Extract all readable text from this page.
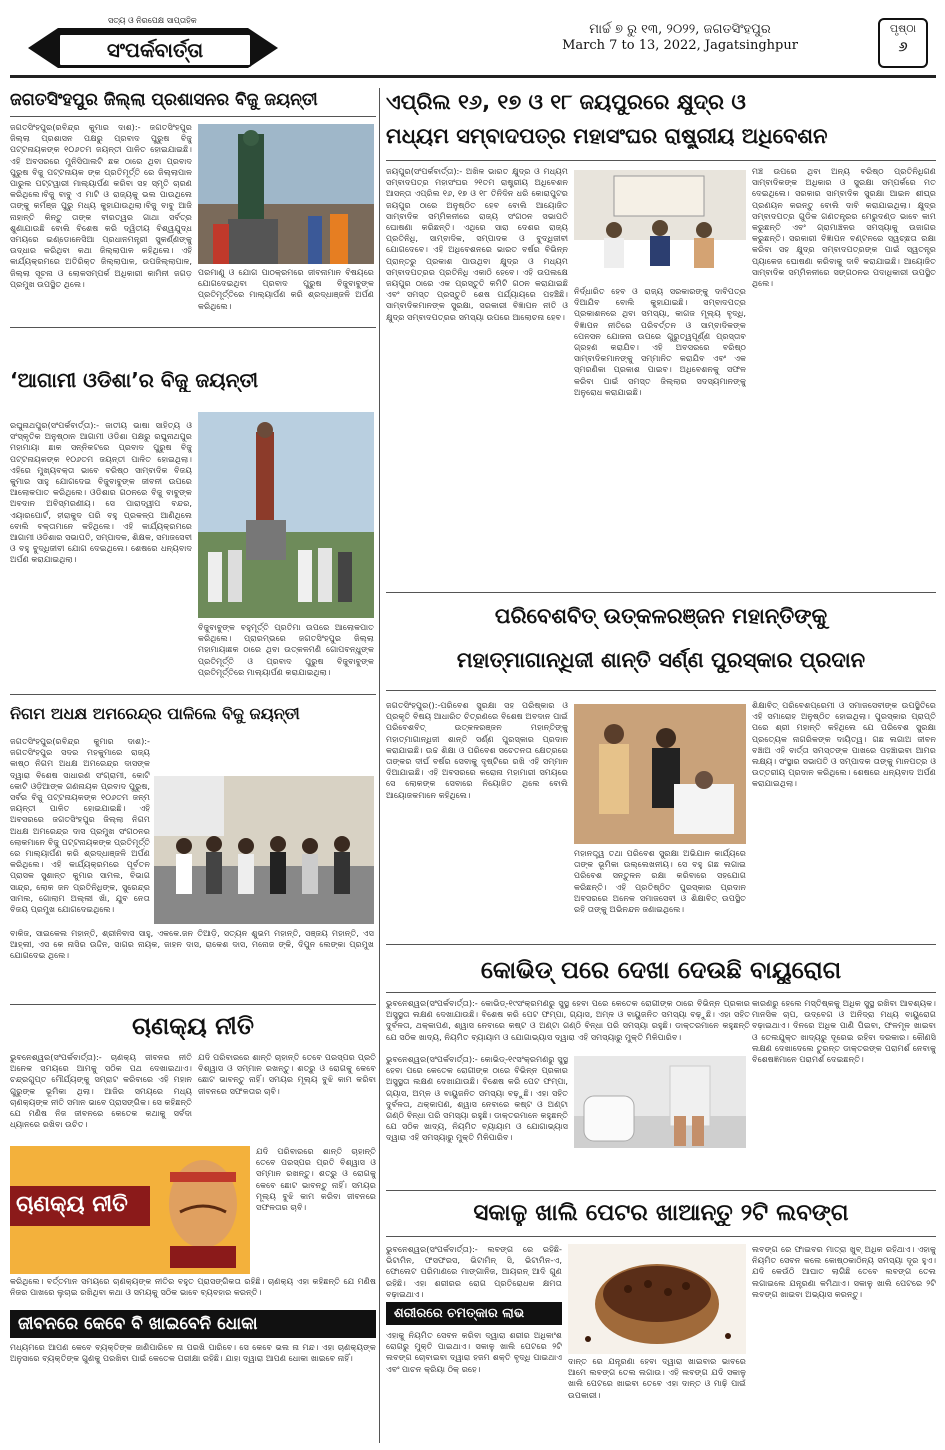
ସଂପର୍କବାର୍ତ୍ତା
ସତ୍ୟ ଓ ନିରପେକ୍ଷ ସାପ୍ତାହିକ
ମାର୍ଚ୍ଚ ୭ ରୁ ୧୩, ୨୦୨୨, ଜଗତସିଂହପୁର
March 7 to 13, 2022, Jagatsinghpur
ପୃଷ୍ଠା
୬
ଜଗତସିଂହପୁର ଜିଲ୍ଲା ପ୍ରଶାସନର ବିଜୁ ଜୟନ୍ତୀ
ଜଗତସିଂହପୁର(ରବିନ୍ଦ୍ର କୁମାର ଦାଶ):- ଜଗତସିଂହପୁର ଜିଲ୍ଲା ପ୍ରଶାସନ ପକ୍ଷରୁ ପ୍ରବାଦ ପୁରୁଷ ବିଜୁ ପଟ୍ଟନାୟକଙ୍କ ୧୦୬ତମ ଜୟନ୍ତୀ ପାଳିତ ହୋଇଯାଇଛି।ଏହି ଅବସରରେ ମୁନିସିପାଲଟି ଛକ ଠାରେ ଥିବା ପ୍ରବାଦ ପୁରୁଷ ବିଜୁ ପଟ୍ଟନାୟକ ଙ୍କ ପ୍ରତିମୂର୍ତ୍ତି ରେ ଜିଲ୍ଲାପାଳ ପାରୁଲ ପଟ୍ଟୱାରୀ ମାଲ୍ୟାର୍ପଣ କରିବା ସହ ସ୍ମୃତି ଚାରଣ କରିଥିଲେ।ବିଜୁ ବାବୁ ଏ ମାଟି ଓ ରାଜ୍ୟକୁ ଭଲ ପାଉଥିଲେ ତାଙ୍କୁ କର୍ମଞ୍ଜ ପୁରୁ ମଧ୍ୟ କୁହାଯାଉଥିଲା।ବିଜୁ ବାବୁ ଆଜି ନାହାନ୍ତି କିନ୍ତୁ ତାଙ୍କ ବୀରତ୍ୱର ଗାଥା ସର୍ବତ୍ର ଶୁଣାଯାଉଛି ବୋଲି ବିଶେଷ କରି ଦ୍ୱିତୀୟ ବିଶ୍ୱଯୁଦ୍ଧ ସମୟରେ ଇଣ୍ଡୋନେସିଆ ପ୍ରଧାନମନ୍ତ୍ରୀ ସୁକର୍ଣ୍ଣଙ୍କୁ ଉଦ୍ଧାର କରିଥିବା କଥା ଜିଲ୍ଲାପାଳ କହିଥିଲେ। ଏହି କାର୍ଯ୍ୟକ୍ରମରେ ଅତିରିକ୍ତ ଜିଲ୍ଲାପାଳ, ଉପଜିଲ୍ଲାପାଳ, ଜିଲ୍ଲା ସୂଚନା ଓ ଲୋକସମ୍ପର୍କ ଅଧିକାରୀ କାମିନୀ ଜଗଡ଼ ପ୍ରମୁଖ ଉପସ୍ଥିତ ଥିଲେ।
ପରମାଣୁ ଓ ଯୋଗ ପାଠକ୍ରମରେ ଜୀବନାମାନ ବିଷୟରେ ଯୋଗଦେଇଥିବା ପ୍ରବାଦ ପୁରୁଷ ବିଜୁବାବୁଙ୍କ ପ୍ରତିମୂର୍ତ୍ତିରେ ମାଲ୍ୟାର୍ପଣ କରି ଶ୍ରଦ୍ଧାଞ୍ଜଳି ଅର୍ପଣ କରିଥିଲେ।
ଏପ୍ରିଲ ୧୬, ୧୭ ଓ ୧୮ ଜୟପୁରରେ କ୍ଷୁଦ୍ର ଓ
ମଧ୍ୟମ ସମ୍ବାଦପତ୍ର ମହାସଂଘର ରାଷ୍ଟ୍ରୀୟ ଅଧିବେଶନ
ଜୟପୁର(ସଂପର୍କବାର୍ତ୍ତା):- ଅଖିଳ ଭାରତ କ୍ଷୁଦ୍ର ଓ ମଧ୍ୟମ ସମ୍ବାଦପତ୍ର ମହାସଂଘର ୨୧ତମ ରାଷ୍ଟ୍ରୀୟ ଅଧିବେଶନ ଆସନ୍ତା ଏପ୍ରିଲ ୧୬, ୧୭ ଓ ୧୮ ତିନିଦିନ ଧରି କୋରାପୁଟର ଜୟପୁର ଠାରେ ଅନୁଷ୍ଠିତ ହେବ ବୋଲି ଆୟୋଜିତ ସାମ୍ବାଦିକ ସମ୍ମିଳନୀରେ ରାଜ୍ୟ ସଂଗଠନ ସଭାପତି ଘୋଷଣା କରିଛନ୍ତି। ଏଥିରେ ସାରା ଦେଶର ରାଜ୍ୟ ପ୍ରତିନିଧି, ସାମ୍ବାଦିକ, ସମ୍ପାଦକ ଓ ବୁଦ୍ଧିଜୀବୀ ଯୋଗଦେବେ। ଏହି ଅଧିବେଶନରେ ଭାରତ ବର୍ଷର ବିଭିନ୍ନ ପ୍ରାନ୍ତରୁ ପ୍ରକାଶ ପାଉଥିବା କ୍ଷୁଦ୍ର ଓ ମଧ୍ୟମ ସମ୍ବାଦପତ୍ରର ପ୍ରତିନିଧି ଏକାଠି ହେବେ। ଏହି ଉପଲକ୍ଷେ ଜୟପୁର ଠାରେ ଏକ ପ୍ରସ୍ତୁତି କମିଟି ଗଠନ କରାଯାଇଛି ଏବଂ ସମସ୍ତ ପ୍ରସ୍ତୁତି ଶେଷ ପର୍ଯ୍ୟାୟରେ ପହଞ୍ଚିଛି। ସାମ୍ବାଦିକମାନଙ୍କ ସୁରକ୍ଷା, ସରକାରୀ ବିଜ୍ଞାପନ ନୀତି ଓ କ୍ଷୁଦ୍ର ସମ୍ବାଦପତ୍ରର ସମସ୍ୟା ଉପରେ ଆଲୋଚନା ହେବ।
ନିର୍ଦ୍ଧାରିତ ହେବ ଓ ରାଜ୍ୟ ସରକାରଙ୍କୁ ଦାବିପତ୍ର ଦିଆଯିବ ବୋଲି କୁହାଯାଇଛି। ସମ୍ବାଦପତ୍ର ପ୍ରକାଶନରେ ଥିବା ସମସ୍ୟା, କାଗଜ ମୂଲ୍ୟ ବୃଦ୍ଧି, ବିଜ୍ଞାପନ ନୀତିରେ ପରିବର୍ତ୍ତନ ଓ ସାମ୍ବାଦିକଙ୍କ ପେନସନ ଯୋଜନା ଉପରେ ଗୁରୁତ୍ୱପୂର୍ଣ୍ଣ ପ୍ରସ୍ତାବ ଗ୍ରହଣ କରାଯିବ। ଏହି ଅବସରରେ ବରିଷ୍ଠ ସାମ୍ବାଦିକମାନଙ୍କୁ ସମ୍ମାନିତ କରାଯିବ ଏବଂ ଏକ ସ୍ମରଣିକା ପ୍ରକାଶ ପାଇବ। ଅଧିବେଶନକୁ ସଫଳ କରିବା ପାଇଁ ସମସ୍ତ ଜିଲ୍ଲାର ସଦସ୍ୟମାନଙ୍କୁ ଅନୁରୋଧ କରାଯାଇଛି।
ମଞ୍ଚ ଉପରେ ଥିବା ଅନ୍ୟ ବରିଷ୍ଠ ପ୍ରତିନିଧିଗଣ ସାମ୍ବାଦିକଙ୍କ ଅଧିକାର ଓ ସୁରକ୍ଷା ସମ୍ପର୍କରେ ମତ ଦେଇଥିଲେ। ସରକାର ସାମ୍ବାଦିକ ସୁରକ୍ଷା ଆଇନ ଶୀଘ୍ର ପ୍ରଣୟନ କରନ୍ତୁ ବୋଲି ଦାବି କରାଯାଇଥିଲା। କ୍ଷୁଦ୍ର ସମ୍ବାଦପତ୍ର ଗୁଡିକ ଗଣତନ୍ତ୍ରର ମେରୁଦଣ୍ଡ ଭାବେ କାମ କରୁଛନ୍ତି ଏବଂ ଗ୍ରାମାଞ୍ଚଳର ସମସ୍ୟାକୁ ଉଜାଗର କରୁଛନ୍ତି। ସରକାରୀ ବିଜ୍ଞାପନ ବଣ୍ଟନରେ ସ୍ୱଚ୍ଛତା ରକ୍ଷା କରିବା ସହ କ୍ଷୁଦ୍ର ସମ୍ବାଦପତ୍ରଙ୍କ ପାଇଁ ସ୍ୱତନ୍ତ୍ର ପ୍ୟାକେଜ ଘୋଷଣା କରିବାକୁ ଦାବି କରାଯାଇଛି। ଆୟୋଜିତ ସାମ୍ବାଦିକ ସମ୍ମିଳନୀରେ ସଙ୍ଗଠନର ପଦାଧିକାରୀ ଉପସ୍ଥିତ ଥିଲେ।
‘ଆଗାମୀ ଓଡିଶା’ର ବିଜୁ ଜୟନ୍ତୀ
ରଘୁନାଥପୁର(ସଂପର୍କବାର୍ତ୍ତା):- ଜାତୀୟ ଭାଷା ସାହିତ୍ୟ ଓ ସଂସ୍କୃତିକ ଅନୁଷ୍ଠାନ ଆଗାମୀ ଓଡିଶା ପକ୍ଷରୁ ରଘୁନାଥପୁର ମହାମାୟା ଛାକ ସନ୍ନିକଟରେ ପ୍ରବାଦ ପୁରୁଷ ବିଜୁ ପଟ୍ଟନାୟକଙ୍କ ୧୦୬ତମ ଜୟନ୍ତୀ ପାଳିତ ହୋଇଥିଲା। ଏହିରେ ମୁଖ୍ୟବକ୍ତା ଭାବେ ବରିଷ୍ଠ ସାମ୍ବାଦିକ ବିଜୟ କୁମାର ସାହୁ ଯୋଗଦେଇ ବିଜୁବାବୁଙ୍କ ଜୀବନୀ ଉପରେ ଆଲୋକପାତ କରିଥିଲେ। ଓଡିଶାର ଗଠନରେ ବିଜୁ ବାବୁଙ୍କ ଅବଦାନ ଅବିସ୍ମରଣୀୟ। ସେ ପାରାଦ୍ୱୀପ ବନ୍ଦର, ଏୟାରପୋର୍ଟ, ହୀରାକୁଦ ପରି ବହୁ ପ୍ରକଳ୍ପ ଆଣିଥିଲେ ବୋଲି ବକ୍ତାମାନେ କହିଥିଲେ। ଏହି କାର୍ଯ୍ୟକ୍ରମରେ ଆଗାମୀ ଓଡିଶାର ସଭାପତି, ସମ୍ପାଦକ, ଶିକ୍ଷକ, ସମାଜସେବୀ ଓ ବହୁ ବୁଦ୍ଧିଜୀବୀ ଯୋଗ ଦେଇଥିଲେ। ଶେଷରେ ଧନ୍ୟବାଦ ଅର୍ପଣ କରାଯାଇଥିଲା।
ବିଜୁବାବୁଙ୍କ ବହୁମୂର୍ତ୍ତି ପ୍ରତିମା ଉପରେ ଆଲୋକପାତ କରିଥିଲେ। ପ୍ରାରମ୍ଭରେ ଜଗତସିଂହପୁର ଜିଲ୍ଲା ମହାମାୟାଛକ ଠାରେ ଥିବା ଉତ୍କଳମଣି ଗୋପବନ୍ଧୁଙ୍କ ପ୍ରତିମୂର୍ତ୍ତି ଓ ପ୍ରବାଦ ପୁରୁଷ ବିଜୁବାବୁଙ୍କ ପ୍ରତିମୂର୍ତ୍ତିରେ ମାଲ୍ୟାର୍ପଣ କରାଯାଇଥିଲା।
ପରିବେଶବିତ୍ ଉତ୍କଳରଞ୍ଜନ ମହାନ୍ତିଙ୍କୁ
ମହାତ୍ମାଗାନ୍ଧିଜୀ ଶାନ୍ତି ସର୍ଣ୍ଣ ପୁରସ୍କାର ପ୍ରଦାନ
ଜଗତସିଂହପୁର():-ପରିବେଶ ସୁରକ୍ଷା ସହ ପରିଷ୍କାର ଓ ପ୍ରକୃତି ବିଷୟ ଆଧାରିତ ଚିତ୍ରଣରେ ବିଶେଷ ଅବଦାନ ପାଇଁ ପରିବେଶବିତ୍ ଉତ୍କଳରଞ୍ଜନ ମହାନ୍ତିଙ୍କୁ ମହାତ୍ମାଗାନ୍ଧିଜୀ ଶାନ୍ତି ସର୍ଣ୍ଣ ପୁରସ୍କାର ପ୍ରଦାନ କରାଯାଇଛି। ଉଚ୍ଚ ଶିକ୍ଷା ଓ ପରିବେଶ ସଚେତନତା କ୍ଷେତ୍ରରେ ତାଙ୍କର ଦୀର୍ଘ ବର୍ଷର ସେବାକୁ ଦୃଷ୍ଟିରେ ରଖି ଏହି ସମ୍ମାନ ଦିଆଯାଇଛି। ଏହି ଅବସରରେ କରୋନା ମହାମାରୀ ସମୟରେ ସେ ଲୋକଙ୍କ ସେବାରେ ନିୟୋଜିତ ଥିଲେ ବୋଲି ଆୟୋଜକମାନେ କହିଥିଲେ।
ମହାନତ୍ତ୍ୱ ତଥା ପରିବେଶ ସୁରକ୍ଷା ଅଭିଯାନ କାର୍ଯ୍ୟରେ ତାଙ୍କ ଭୂମିକା ଉଲ୍ଲେଖନୀୟ। ସେ ବହୁ ଗଛ ଲଗାଇ ପରିବେଶ ସନ୍ତୁଳନ ରକ୍ଷା କରିବାରେ ସହଯୋଗ କରିଛନ୍ତି। ଏହି ପ୍ରତିଷ୍ଠିତ ପୁରସ୍କାର ପ୍ରଦାନ ଅବସରରେ ଅନେକ ସମାଜସେବୀ ଓ ଶିକ୍ଷାବିତ୍ ଉପସ୍ଥିତ ରହି ତାଙ୍କୁ ଅଭିନନ୍ଦନ ଜଣାଇଥିଲେ।
ଶିକ୍ଷାବିତ୍ ପରିବେଶପ୍ରେମୀ ଓ ସମାଜସେବୀଙ୍କ ଉପସ୍ଥିତିରେ ଏହି ସମାରୋହ ଅନୁଷ୍ଠିତ ହୋଇଥିଲା। ପୁରସ୍କାର ପ୍ରାପ୍ତି ପରେ ଶ୍ରୀ ମହାନ୍ତି କହିଥିଲେ ଯେ ପରିବେଶ ସୁରକ୍ଷା ପ୍ରତ୍ୟେକ ନାଗରିକଙ୍କ ଦାୟିତ୍ୱ। ଗଛ ଲଗାଅ ଜୀବନ ବଞ୍ଚାଅ ଏହି ବାର୍ତ୍ତା ସମସ୍ତଙ୍କ ପାଖରେ ପହଞ୍ଚାଇବା ଆମର ଲକ୍ଷ୍ୟ। ସଂସ୍ଥାର ସଭାପତି ଓ ସମ୍ପାଦକ ତାଙ୍କୁ ମାନପତ୍ର ଓ ଉତ୍ତରୀୟ ପ୍ରଦାନ କରିଥିଲେ। ଶେଷରେ ଧନ୍ୟବାଦ ଅର୍ପଣ କରାଯାଇଥିଲା।
ନିଗମ ଅଧକ୍ଷ ଅମରେନ୍ଦ୍ର ପାଳିଲେ ବିଜୁ ଜୟନ୍ତୀ
ଜଗତସିଂହପୁର(ରବିନ୍ଦ୍ର କୁମାର ଦାଶ):- ଜଗତସିଂହପୁର ସଦର ମହକୁମାରେ ରାଜ୍ୟ କାଷ୍ଠ ନିଗମ ଅଧକ୍ଷ ଅମରେନ୍ଦ୍ର ଦାସଙ୍କ ଦ୍ୱାରା ବିଶେଷ ସାଧାରଣ ସଂଗ୍ରାମୀ, କୋଟି କୋଟି ଓଡ଼ିଆଙ୍କ ଗଣନାୟକ ପ୍ରବାଦ ପୁରୁଷ, ସର୍ବର ବିଜୁ ପଟ୍ଟନାୟକଙ୍କ ୧୦୬ତମ ଜନ୍ମ ଜୟନ୍ତୀ ପାଳିତ ହୋଇଯାଇଛି। ଏହି ଅବସରରେ ଜଗତସିଂହପୁର ଜିଲ୍ଲା ନିଗମ ଅଧକ୍ଷ ଅମରେନ୍ଦ୍ର ଦାସ ପ୍ରମୁଖ ସଂଗଠନର ଲୋକମାନେ ବିଜୁ ପଟ୍ଟନାୟକଙ୍କ ପ୍ରତିମୂର୍ତ୍ତି ରେ ମାଲ୍ୟାର୍ପଣ କରି ଶ୍ରଦ୍ଧାଞ୍ଜଳି ଅର୍ପଣ କରିଥିଲେ। ଏହି କାର୍ଯ୍ୟକ୍ରମରେ ପୂର୍ବତନ ପ୍ରାସକ ସୁଶାନ୍ତ କୁମାର ସାମଲ, ବିଭାଗ ସାନ୍ଦ୍ର, ଲୋକ ଜନ ପ୍ରତିନିଧିଙ୍କ, ସୁରେନ୍ଦ୍ର ସାମଲ, ଗୋଲାମ ଅଲ୍ଲୀ ଖାଁ, ଯୁବ ନେତା ବିଜୟ ପ୍ରମୁଖ ଯୋଗଦେଇଥିଲେ।
ବାକିଜ, ସାଇକେଲ ମହାନ୍ତି, ଶ୍ରୀନିବାସ ସାହୁ, ଏକକେ.ଜନ ତିଆଡ଼ି, ସତ୍ୟନ ଶୁଭମ ମହାନ୍ତି, ସଞ୍ଜୟ ମହାନ୍ତି, ଏସ ଆହ୍ଲୀ, ଏସ କେ ନାସିର ଉଦ୍ଦିନ, ସାଗର ନାୟକ, ଜାହନ ଦାସ, ରାକେଶ ଦାସ, ମନୋଜ ଙ୍କି, ଦିପୁନ ଲେଙ୍କା ପ୍ରମୁଖ ଯୋଗଦେଇ ଥିଲେ।
କୋଭିଡ୍ ପରେ ଦେଖା ଦେଉଛି ବାୟୁରୋଗ
ଭୁବନେଶ୍ୱର(ସଂପର୍କବାର୍ତ୍ତା):- କୋଭିଡ୍-୧୯ସଂକ୍ରମଣରୁ ସୁସ୍ଥ ହେବା ପରେ କେତେକ ରୋଗୀଙ୍କ ଠାରେ ବିଭିନ୍ନ ପ୍ରକାର ଅସୁସ୍ଥତା ଲକ୍ଷଣ ଦେଖାଯାଉଛି। ବିଶେଷ କରି ପେଟ ଫମ୍ପା, ଗ୍ୟାସ, ଅମ୍ଳ ଓ ବାୟୁଜନିତ ସମସ୍ୟା ବଢ଼ୁଛି। ଏହା ସହିତ ଦୁର୍ବଳତା, ଥକ୍କାପଣ, ଶ୍ୱାସ ନେବାରେ କଷ୍ଟ ଓ ଅଣ୍ଟା ଗଣ୍ଠି ବିନ୍ଧା ପରି ସମସ୍ୟା ରହୁଛି। ଡାକ୍ତରମାନେ କହୁଛନ୍ତି ଯେ ସଠିକ ଖାଦ୍ୟ, ନିୟମିତ ବ୍ୟାୟାମ ଓ ଯୋଗାଭ୍ୟାସ ଦ୍ୱାରା ଏହି ସମସ୍ୟାରୁ ମୁକ୍ତି ମିଳିପାରିବ।
ଭୁବନେଶ୍ୱର(ସଂପର୍କବାର୍ତ୍ତା):- କୋଭିଡ୍-୧୯ସଂକ୍ରମଣରୁ ସୁସ୍ଥ ହେବା ପରେ କେତେକ ରୋଗୀଙ୍କ ଠାରେ ବିଭିନ୍ନ ପ୍ରକାର ଅସୁସ୍ଥତା ଲକ୍ଷଣ ଦେଖାଯାଉଛି। ବିଶେଷ କରି ପେଟ ଫମ୍ପା, ଗ୍ୟାସ, ଅମ୍ଳ ଓ ବାୟୁଜନିତ ସମସ୍ୟା ବଢ଼ୁଛି। ଏହା ସହିତ ଦୁର୍ବଳତା, ଥକ୍କାପଣ, ଶ୍ୱାସ ନେବାରେ କଷ୍ଟ ଓ ଅଣ୍ଟା ଗଣ୍ଠି ବିନ୍ଧା ପରି ସମସ୍ୟା ରହୁଛି। ଡାକ୍ତରମାନେ କହୁଛନ୍ତି ଯେ ସଠିକ ଖାଦ୍ୟ, ନିୟମିତ ବ୍ୟାୟାମ ଓ ଯୋଗାଭ୍ୟାସ ଦ୍ୱାରା ଏହି ସମସ୍ୟାରୁ ମୁକ୍ତି ମିଳିପାରିବ।
କାରଣରୁ ହେଲେ ମସ୍ତିଷ୍କକୁ ଅଧିକ ସୁସ୍ଥ ରଖିବା ଆବଶ୍ୟକ। ମାନସିକ ଚାପ, ଉଦ୍‌ବେଗ ଓ ଅନିଦ୍ରା ମଧ୍ୟ ବାୟୁରୋଗ ବଢ଼ାଇଥାଏ। ଦିନରେ ଅଧିକ ପାଣି ପିଇବା, ଫଳମୂଳ ଖାଇବା ଓ ତେଲଯୁକ୍ତ ଖାଦ୍ୟରୁ ଦୂରେଇ ରହିବା ଦରକାର। କୌଣସି ଲକ୍ଷଣ ଦେଖାଦେଲେ ତୁରନ୍ତ ଡାକ୍ତରଙ୍କ ପରାମର୍ଶ ନେବାକୁ ବିଶେଷଜ୍ଞମାନେ ପରାମର୍ଶ ଦେଇଛନ୍ତି।
ଚାଣକ୍ୟ ନୀତି
ଭୁବନେଶ୍ୱର(ସଂପର୍କବାର୍ତ୍ତା):- ଚାଣକ୍ୟ ଜୀବନର ନୀତି ଅନେକ ସମୟରେ ଆମକୁ ସଠିକ ପଥ ଦେଖାଇଥାଏ। ଚନ୍ଦ୍ରଗୁପ୍ତ ମୌର୍ଯ୍ୟଙ୍କୁ ସମ୍ରାଟ କରିବାରେ ଏହି ମହାନ ଗୁରୁଙ୍କ ଭୂମିକା ଥିଲା। ଆଜିର ସମୟରେ ମଧ୍ୟ ଚାଣକ୍ୟଙ୍କ ନୀତି ସମାନ ଭାବେ ପ୍ରାସଙ୍ଗିକ। ସେ କହିଛନ୍ତି ଯେ ମଣିଷ ନିଜ ଜୀବନରେ କେତେକ କଥାକୁ ସର୍ବଦା ଧ୍ୟାନରେ ରଖିବା ଉଚିତ।
ଯଦି ପରିବାରରେ ଶାନ୍ତି ଚାହାନ୍ତି ତେବେ ପରସ୍ପର ପ୍ରତି ବିଶ୍ୱାସ ଓ ସମ୍ମାନ ରଖନ୍ତୁ। ଶତ୍ରୁ ଓ ରୋଗକୁ କେବେ ଛୋଟ ଭାବନ୍ତୁ ନାହିଁ। ସମୟର ମୂଲ୍ୟ ବୁଝି କାମ କରିବା ଜୀବନରେ ସଫଳତାର ଚାବି।
ଚାଣକ୍ୟ ନୀତି
ଯଦି ପରିବାରରେ ଶାନ୍ତି ଚାହାନ୍ତି ତେବେ ପରସ୍ପର ପ୍ରତି ବିଶ୍ୱାସ ଓ ସମ୍ମାନ ରଖନ୍ତୁ। ଶତ୍ରୁ ଓ ରୋଗକୁ କେବେ ଛୋଟ ଭାବନ୍ତୁ ନାହିଁ। ସମୟର ମୂଲ୍ୟ ବୁଝି କାମ କରିବା ଜୀବନରେ ସଫଳତାର ଚାବି।
କରିଥିଲେ। ବର୍ତ୍ତମାନ ସମୟରେ ଚାଣକ୍ୟଙ୍କ ନୀତିର ବହୁତ ପ୍ରାସଙ୍ଗିକତା ରହିଛି। ଚାଣକ୍ୟ ଏହା କହିଛନ୍ତି ଯେ ମଣିଷ ନିଜର ପାଖରେ ଲୁଚାଇ ରଖିଥିବା କଥା ଓ ସମୟକୁ ସଠିକ ଭାବେ ବ୍ୟବହାର କରନ୍ତି।
ଜୀବନରେ କେବେ ବି ଖାଇବେନି ଧୋକା
ମଧ୍ୟମରେ ଆପଣ କେବେ ବ୍ୟକ୍ତିଙ୍କ ଜାଣିପାରିବେ ନା ପରଖି ପାରିବେ। ସେ କେବେ ଭଲ ନା ମନ୍ଦ। ଏହା ଚାଣକ୍ୟଙ୍କ ଅନୁସାରେ ବ୍ୟକ୍ତିଙ୍କ ଗୁଣକୁ ପରଖିବା ପାଇଁ କେତେକ ପରୀକ୍ଷା ରହିଛି। ଯାହା ଦ୍ୱାରା ଆପଣ ଧୋକା ଖାଇବେ ନାହିଁ।
ସକାଳୁ ଖାଲି ପେଟର ଖାଆନ୍ତୁ ୨ଟି ଲବଙ୍ଗ
ଭୁବନେଶ୍ୱର(ସଂପର୍କବାର୍ତ୍ତା):- ଲବଙ୍ଗ ରେ ରହିଛି-ଭିଟାମିନ, ଫସଫରସ, ଭିଟାମିନ୍ ସି, ଭିଟାମିନ-ଏ, ଫୋଲେଟ ପରିମାଣରେ ମାଙ୍ଗାନିଜ, ଆୟରନ୍ ଆଦି ଗୁଣ ରହିଛି। ଏହା ଶରୀରର ରୋଗ ପ୍ରତିରୋଧକ କ୍ଷମତା ବଢ଼ାଇଥାଏ।
ଶରୀରରେ ଚମତ୍କାର ଲାଭ
ଏହାକୁ ନିୟମିତ ସେବନ କରିବା ଦ୍ୱାରା ଶରୀର ଅଧିକାଂଶ ରୋଗରୁ ମୁକ୍ତି ପାଇଥାଏ। ସକାଳୁ ଖାଲି ପେଟରେ ୨ଟି ଲବଙ୍ଗ ଚୋବାଇବା ଦ୍ୱାରା ହଜମ ଶକ୍ତି ବୃଦ୍ଧି ପାଇଥାଏ ଏବଂ ପାଚନ କ୍ରିୟା ଠିକ୍ ରହେ।
ଦାନ୍ତ ରେ ଯନ୍ତ୍ରଣା ହେବା ଦ୍ୱାରା ଖାଇବାର ଭାବରେ ଆମେ ଲବଙ୍ଗ ତେଲ ଲଗାଉ। ଏହି ଲବଙ୍ଗ ଯଦି ସକାଳୁ ଖାଲି ପେଟରେ ଖାଇବା ତେବେ ଏହା ଦାନ୍ତ ଓ ମାଢ଼ି ପାଇଁ ଉପକାରୀ।
ଲବଙ୍ଗ ରେ ଫାଇବର ମାତ୍ରା ଖୁବ୍ ଅଧିକ ରହିଥାଏ। ଏହାକୁ ନିୟମିତ ସେବନ କଲେ କୋଷ୍ଠକାଠିନ୍ୟ ସମସ୍ୟା ଦୂର ହୁଏ। ଯଦି କେଉଁଠି ଆଘାତ ଲାଗିଛି ତେବେ ଲବଙ୍ଗ ତେଲ ଲଗାଇଲେ ଯନ୍ତ୍ରଣା କମିଥାଏ। ସକାଳୁ ଖାଲି ପେଟରେ ୨ଟି ଲବଙ୍ଗ ଖାଇବା ଅଭ୍ୟାସ କରନ୍ତୁ।
